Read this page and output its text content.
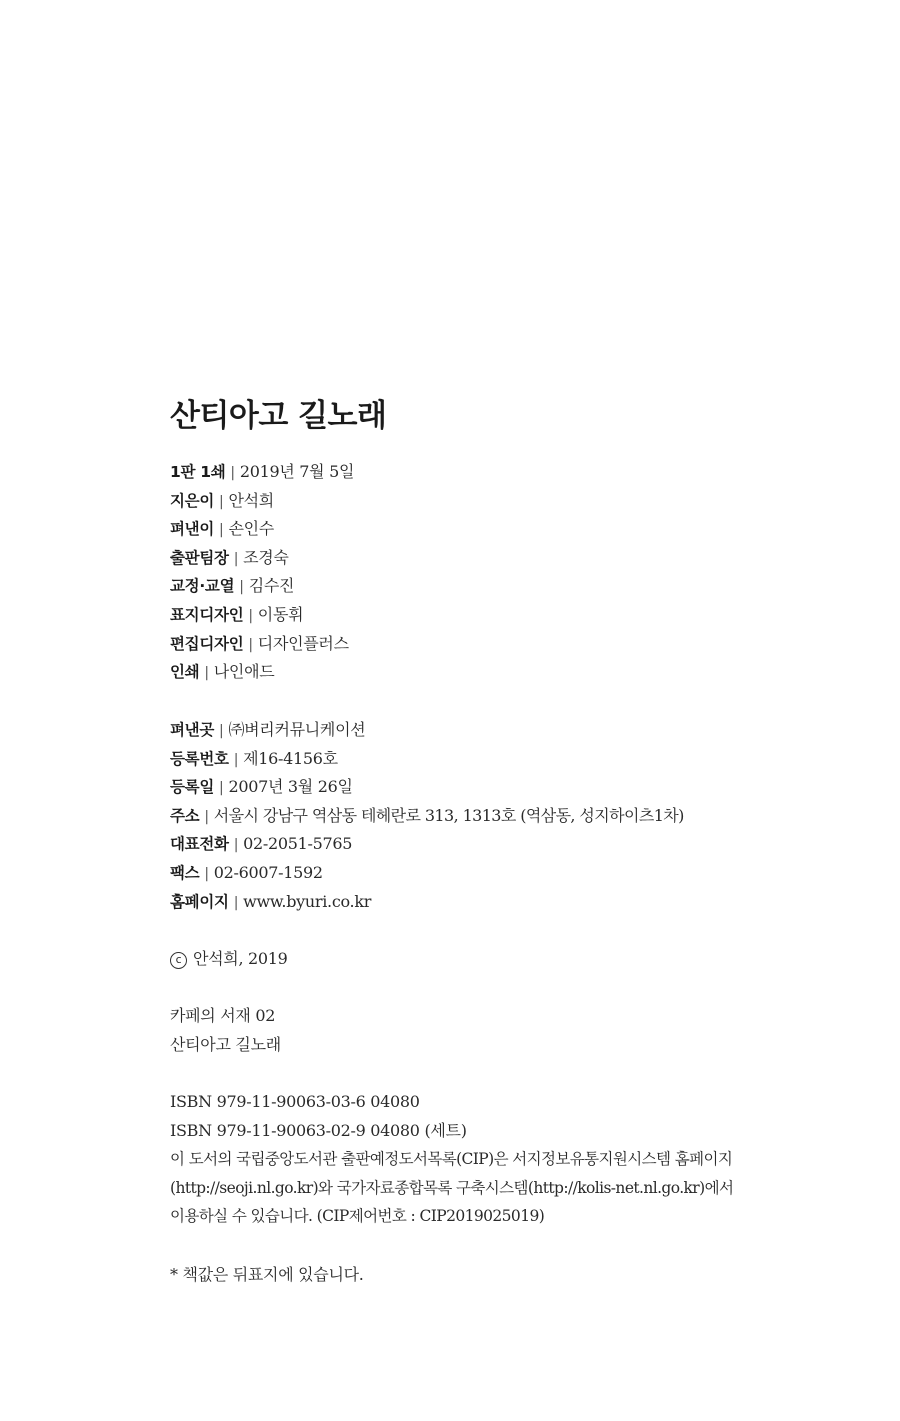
산티아고 길노래
1판 1쇄 | 2019년 7월 5일
지은이 | 안석희
펴낸이 | 손인수
출판팀장 | 조경숙
교정·교열 | 김수진
표지디자인 | 이동휘
편집디자인 | 디자인플러스
인쇄 | 나인애드
펴낸곳 | ㈜벼리커뮤니케이션
등록번호 | 제16-4156호
등록일 | 2007년 3월 26일
주소 | 서울시 강남구 역삼동 테헤란로 313, 1313호 (역삼동, 성지하이츠1차)
대표전화 | 02-2051-5765
팩스 | 02-6007-1592
홈페이지 | www.byuri.co.kr
c 안석희, 2019
카페의 서재 02
산티아고 길노래
ISBN 979-11-90063-03-6 04080
ISBN 979-11-90063-02-9 04080 (세트)
이 도서의 국립중앙도서관 출판예정도서목록(CIP)은 서지정보유통지원시스템 홈페이지
(http://seoji.nl.go.kr)와 국가자료종합목록 구축시스템(http://kolis-net.nl.go.kr)에서
이용하실 수 있습니다. (CIP제어번호 : CIP2019025019)
* 책값은 뒤표지에 있습니다.
